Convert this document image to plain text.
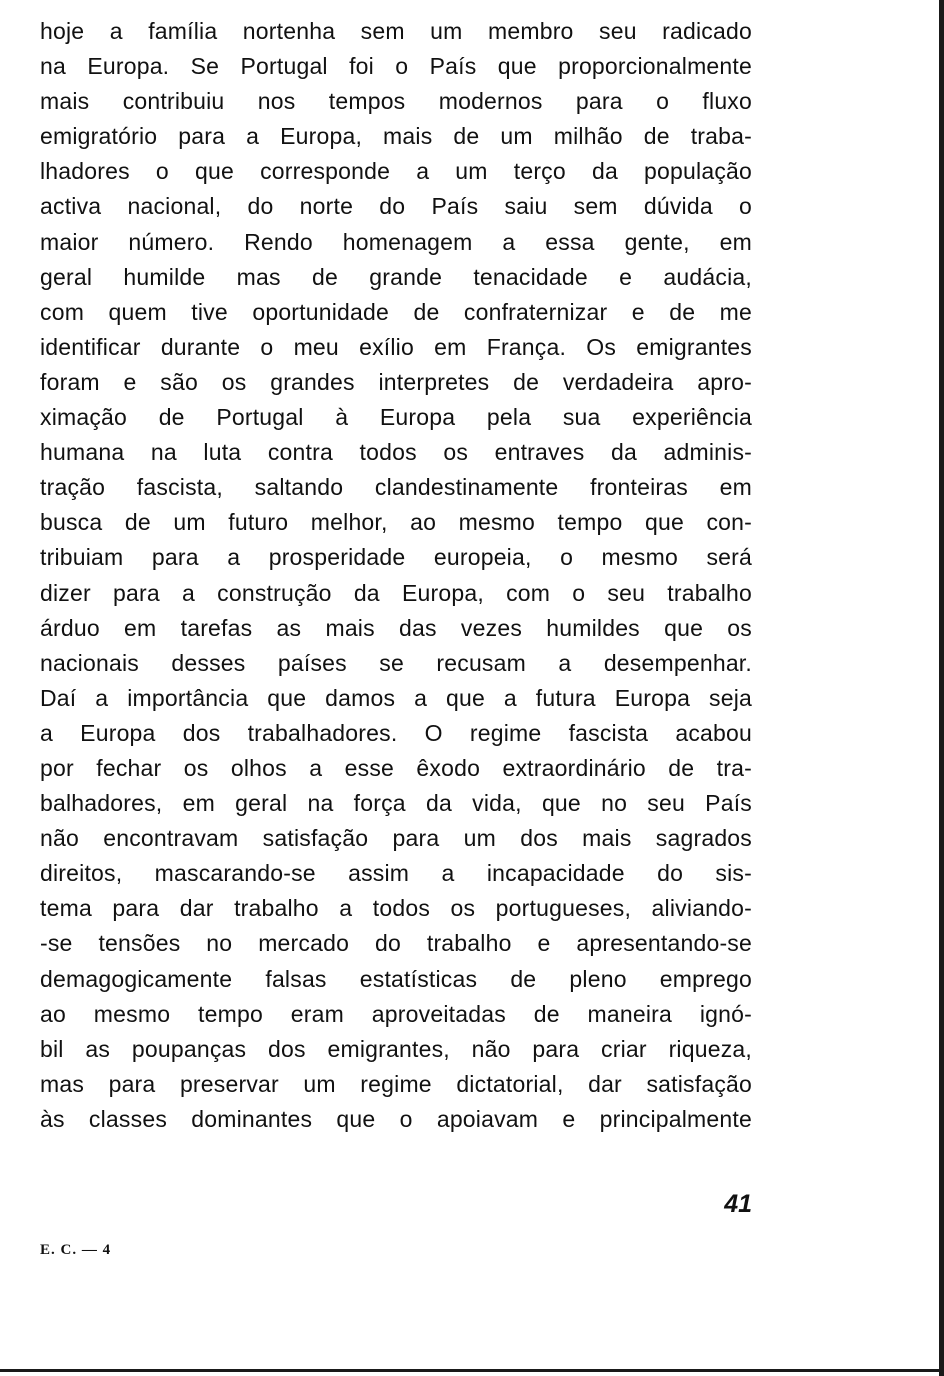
hoje a família nortenha sem um membro seu radicado
na Europa. Se Portugal foi o País que proporcionalmente
mais contribuiu nos tempos modernos para o fluxo
emigratório para a Europa, mais de um milhão de traba-
lhadores o que corresponde a um terço da população
activa nacional, do norte do País saiu sem dúvida o
maior número. Rendo homenagem a essa gente, em
geral humilde mas de grande tenacidade e audácia,
com quem tive oportunidade de confraternizar e de me
identificar durante o meu exílio em França. Os emigrantes
foram e são os grandes interpretes de verdadeira apro-
ximação de Portugal à Europa pela sua experiência
humana na luta contra todos os entraves da adminis-
tração fascista, saltando clandestinamente fronteiras em
busca de um futuro melhor, ao mesmo tempo que con-
tribuiam para a prosperidade europeia, o mesmo será
dizer para a construção da Europa, com o seu trabalho
árduo em tarefas as mais das vezes humildes que os
nacionais desses países se recusam a desempenhar.
Daí a importância que damos a que a futura Europa seja
a Europa dos trabalhadores. O regime fascista acabou
por fechar os olhos a esse êxodo extraordinário de tra-
balhadores, em geral na força da vida, que no seu País
não encontravam satisfação para um dos mais sagrados
direitos, mascarando-se assim a incapacidade do sis-
tema para dar trabalho a todos os portugueses, aliviando-
-se tensões no mercado do trabalho e apresentando-se
demagogicamente falsas estatísticas de pleno emprego
ao mesmo tempo eram aproveitadas de maneira ignó-
bil as poupanças dos emigrantes, não para criar riqueza,
mas para preservar um regime dictatorial, dar satisfação
às classes dominantes que o apoiavam e principalmente
41
E. C. — 4
